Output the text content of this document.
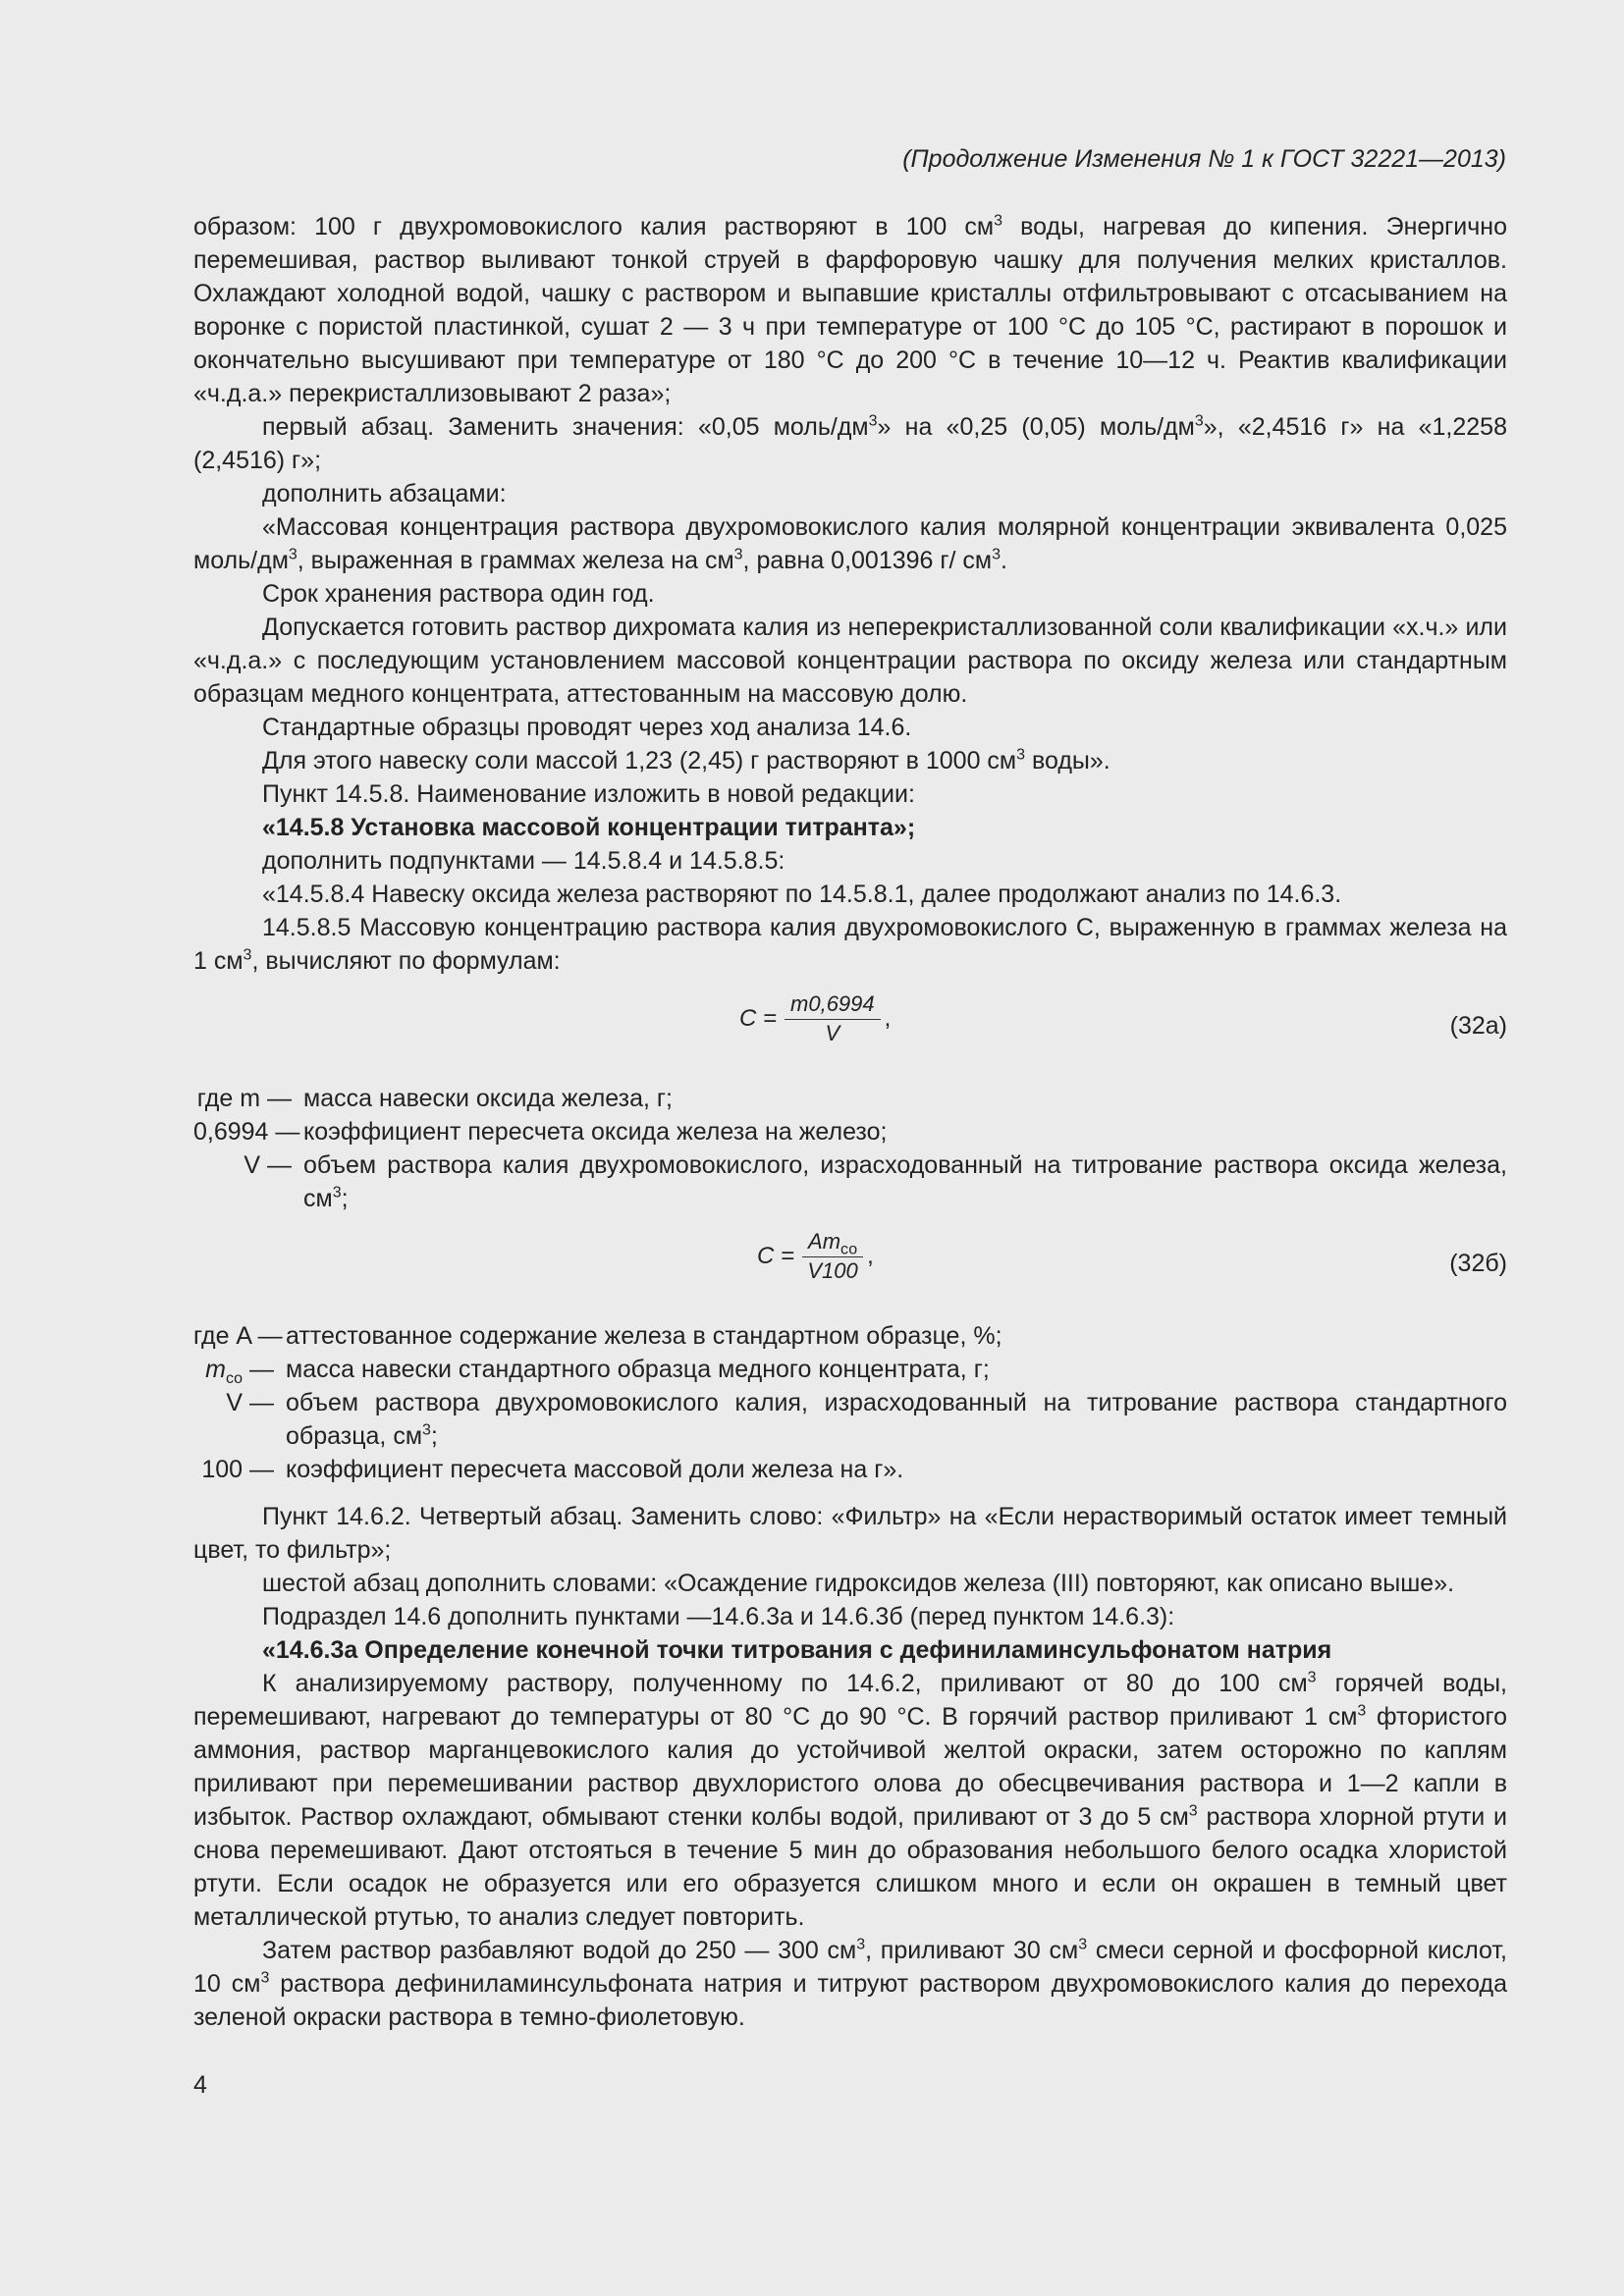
(Продолжение Изменения № 1 к ГОСТ 32221—2013)

образом: 100 г двухромовокислого калия растворяют в 100 $см^3$ воды, нагревая до кипения. Энергично перемешивая, раствор выливают тонкой струей в фарфоровую чашку для получения мелких кристаллов. Охлаждают холодной водой, чашку с раствором и выпавшие кристаллы отфильтровывают с отсасыванием на воронке с пористой пластинкой, сушат 2 — 3 ч при температуре от 100 °С до 105 °С, растирают в порошок и окончательно высушивают при температуре от 180 °С до 200 °С в течение 10—12 ч. Реактив квалификации «ч.д.а.» перекристаллизовывают 2 раза»;

первый абзац. Заменить значения: «0,05 моль/$дм^3$» на «0,25 (0,05) моль/$дм^3$», «2,4516 г» на «1,2258 (2,4516) г»;

дополнить абзацами:

«Массовая концентрация раствора двухромовокислого калия молярной концентрации эквивалента 0,025 моль/$дм^3$, выраженная в граммах железа на $см^3$, равна 0,001396 г/ $см^3$.

Срок хранения раствора один год.

Допускается готовить раствор дихромата калия из неперекристаллизованной соли квалификации «х.ч.» или «ч.д.а.» с последующим установлением массовой концентрации раствора по оксиду железа или стандартным образцам медного концентрата, аттестованным на массовую долю.

Стандартные образцы проводят через ход анализа 14.6.

Для этого навеску соли массой 1,23 (2,45) г растворяют в 1000 $см^3$ воды».

Пункт 14.5.8. Наименование изложить в новой редакции:

«14.5.8 Установка массовой концентрации титранта»;

дополнить подпунктами — 14.5.8.4 и 14.5.8.5:

«14.5.8.4 Навеску оксида железа растворяют по 14.5.8.1, далее продолжают анализ по 14.6.3.

14.5.8.5 Массовую концентрацию раствора калия двухромовокислого С, выраженную в граммах железа на 1 $см^3$, вычисляют по формулам:

$C = \frac{m0,6994}{V}$ ,	(32а)
где m — масса навески оксида железа, г;
0,6994 — коэффициент пересчета оксида железа на железо;
V — объем раствора калия двухромовокислого, израсходованный на титрование раствора оксида железа, $см^3$;
$C = \frac{Am_{со}}{V100}$ ,	(32б)
где A — аттестованное содержание железа в стандартном образце, %;
$m_{со}$ — масса навески стандартного образца медного концентрата, г;
V — объем раствора двухромовокислого калия, израсходованный на титрование раствора стандартного образца, $см^3$;
100 — коэффициент пересчета массовой доли железа на г».

Пункт 14.6.2. Четвертый абзац. Заменить слово: «Фильтр» на «Если нерастворимый остаток имеет темный цвет, то фильтр»;

шестой абзац дополнить словами: «Осаждение гидроксидов железа (III) повторяют, как описано выше».

Подраздел 14.6 дополнить пунктами —14.6.3а и 14.6.3б (перед пунктом 14.6.3):

«14.6.3а Определение конечной точки титрования с дефиниламинсульфонатом натрия

К анализируемому раствору, полученному по 14.6.2, приливают от 80 до 100 $см^3$ горячей воды, перемешивают, нагревают до температуры от 80 °С до 90 °С. В горячий раствор приливают 1 $см^3$ фтористого аммония, раствор марганцевокислого калия до устойчивой желтой окраски, затем осторожно по каплям приливают при перемешивании раствор двухлористого олова до обесцвечивания раствора и 1—2 капли в избыток. Раствор охлаждают, обмывают стенки колбы водой, приливают от 3 до 5 $см^3$ раствора хлорной ртути и снова перемешивают. Дают отстояться в течение 5 мин до образования небольшого белого осадка хлористой ртути. Если осадок не образуется или его образуется слишком много и если он окрашен в темный цвет металлической ртутью, то анализ следует повторить.

Затем раствор разбавляют водой до 250 — 300 $см^3$, приливают 30 $см^3$ смеси серной и фосфорной кислот, 10 $см^3$ раствора дефиниламинсульфоната натрия и титруют раствором двухромовокислого калия до перехода зеленой окраски раствора в темно-фиолетовую.

4
